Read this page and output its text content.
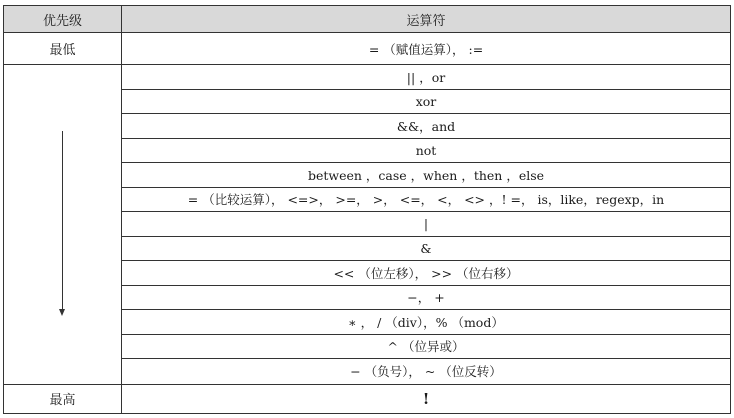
优先级	运算符
最低	= （赋值运算）， :=
|| ，or
xor
&&，and
not
between ，case ，when ，then ，else
= （比较运算）， <=>， >=， >， <=， <， <> ，! =， is，like，regexp，in
|
&
<< （位左移）， >> （位右移）
−， +
∗ ， / （div），% （mod）
^ （位异或）
− （负号）， ~ （位反转）
最高	!
